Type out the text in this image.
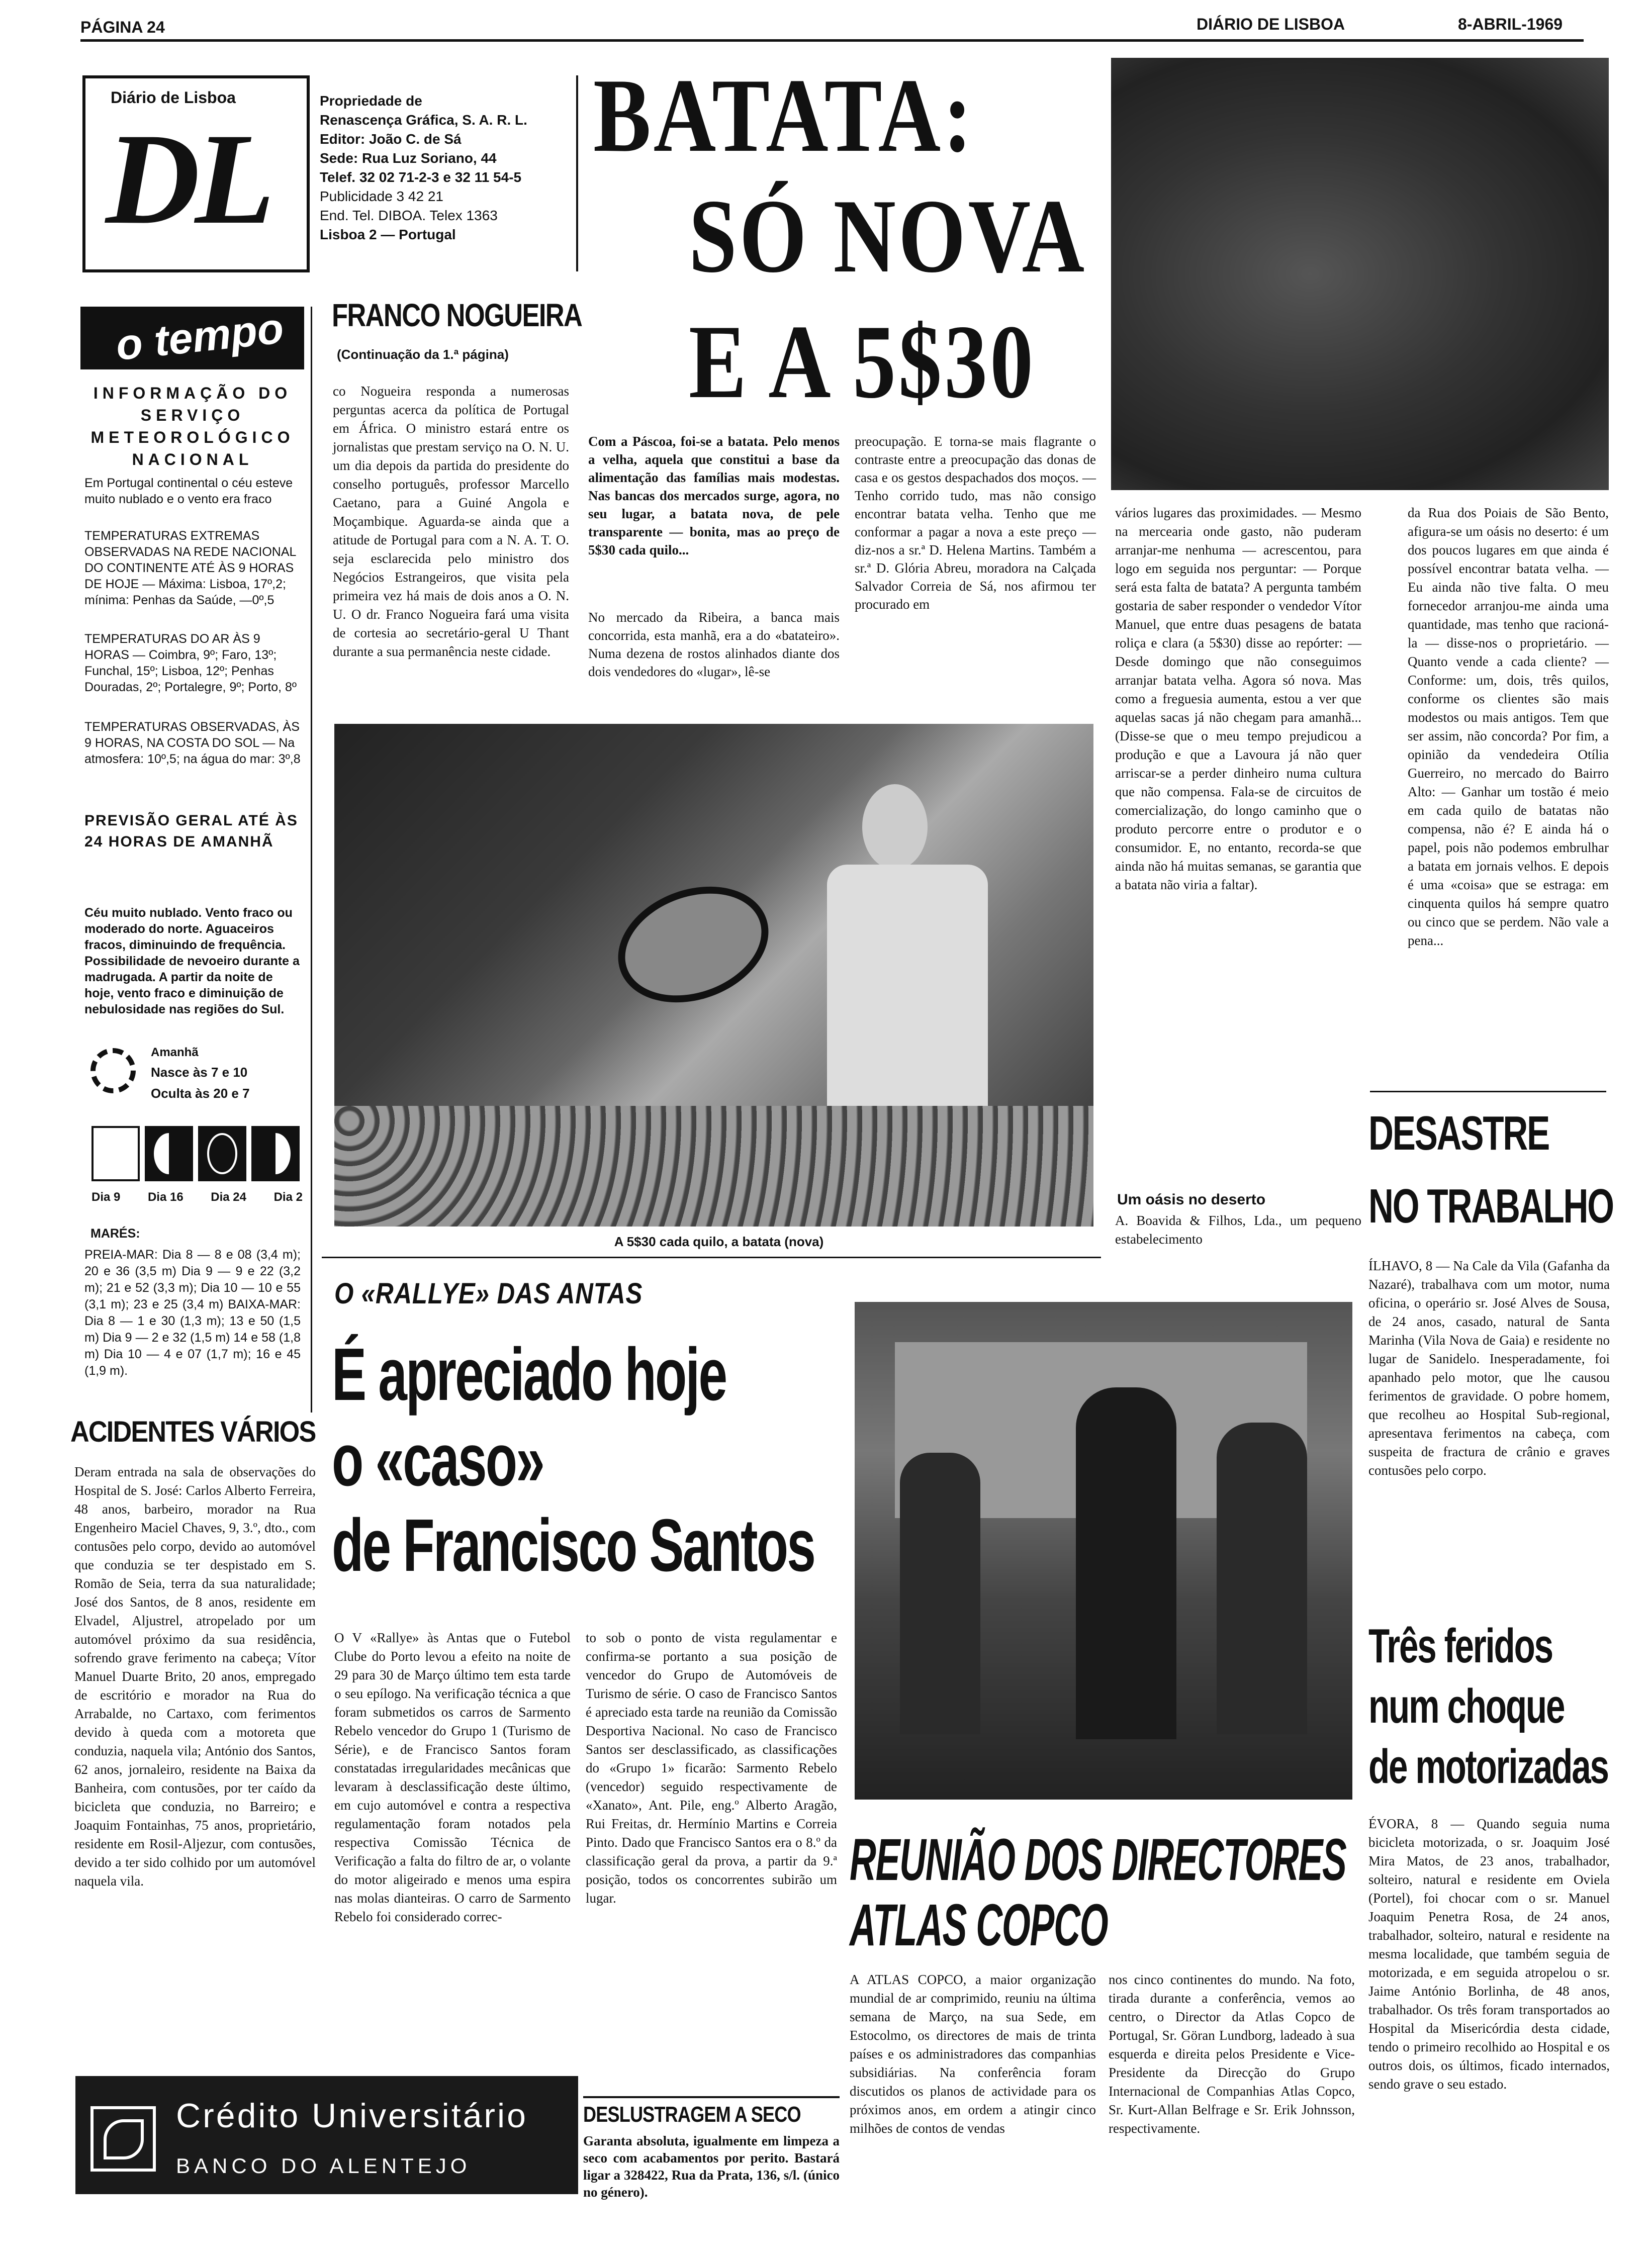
PÁGINA 24	DIÁRIO DE LISBOA	8-ABRIL-1969
Diário de Lisboa
DL
Propriedade de
Renascença Gráfica, S. A. R. L.
Editor: João C. de Sá
Sede: Rua Luz Soriano, 44
Telef. 32 02 71-2-3 e 32 11 54-5
Publicidade 3 42 21
End. Tel. DIBOA. Telex 1363
Lisboa 2 — Portugal
o tempo
INFORMAÇÃO DO SERVIÇO METEOROLÓGICO NACIONAL
Em Portugal continental o céu esteve muito nublado e o vento era fraco
TEMPERATURAS EXTREMAS OBSERVADAS NA REDE NACIONAL DO CONTINENTE ATÉ ÀS 9 HORAS DE HOJE — Máxima: Lisboa, 17º,2; mínima: Penhas da Saúde, —0º,5
TEMPERATURAS DO AR ÀS 9 HORAS — Coimbra, 9º; Faro, 13º; Funchal, 15º; Lisboa, 12º; Penhas Douradas, 2º; Portalegre, 9º; Porto, 8º
TEMPERATURAS OBSERVADAS, ÀS 9 HORAS, NA COSTA DO SOL — Na atmosfera: 10º,5; na água do mar: 3º,8
PREVISÃO GERAL ATÉ ÀS 24 HORAS DE AMANHÃ
Céu muito nublado. Vento fraco ou moderado do norte. Aguaceiros fracos, diminuindo de frequência. Possibilidade de nevoeiro durante a madrugada. A partir da noite de hoje, vento fraco e diminuição de nebulosidade nas regiões do Sul.
Amanhã
Nasce às 7 e 10
Oculta às 20 e 7
Dia 9 Dia 16 Dia 24 Dia 2
MARÉS:
PREIA-MAR: Dia 8 — 8 e 08 (3,4 m); 20 e 36 (3,5 m) Dia 9 — 9 e 22 (3,2 m); 21 e 52 (3,3 m); Dia 10 — 10 e 55 (3,1 m); 23 e 25 (3,4 m) BAIXA-MAR: Dia 8 — 1 e 30 (1,3 m); 13 e 50 (1,5 m) Dia 9 — 2 e 32 (1,5 m) 14 e 58 (1,8 m) Dia 10 — 4 e 07 (1,7 m); 16 e 45 (1,9 m).
ACIDENTES VÁRIOS
Deram entrada na sala de observações do Hospital de S. José: Carlos Alberto Ferreira, 48 anos, barbeiro, morador na Rua Engenheiro Maciel Chaves, 9, 3.º, dto., com contusões pelo corpo, devido ao automóvel que conduzia se ter despistado em S. Romão de Seia, terra da sua naturalidade; José dos Santos, de 8 anos, residente em Elvadel, Aljustrel, atropelado por um automóvel próximo da sua residência, sofrendo grave ferimento na cabeça; Vítor Manuel Duarte Brito, 20 anos, empregado de escritório e morador na Rua do Arrabalde, no Cartaxo, com ferimentos devido à queda com a motoreta que conduzia, naquela vila; António dos Santos, 62 anos, jornaleiro, residente na Baixa da Banheira, com contusões, por ter caído da bicicleta que conduzia, no Barreiro; e Joaquim Fontainhas, 75 anos, proprietário, residente em Rosil-Aljezur, com contusões, devido a ter sido colhido por um automóvel naquela vila.
Crédito Universitário
BANCO DO ALENTEJO
FRANCO NOGUEIRA
(Continuação da 1.ª página)
co Nogueira responda a numerosas perguntas acerca da política de Portugal em África. O ministro estará entre os jornalistas que prestam serviço na O. N. U. um dia depois da partida do presidente do conselho português, professor Marcello Caetano, para a Guiné Angola e Moçambique. Aguarda-se ainda que a atitude de Portugal para com a N. A. T. O. seja esclarecida pelo ministro dos Negócios Estrangeiros, que visita pela primeira vez há mais de dois anos a O. N. U. O dr. Franco Nogueira fará uma visita de cortesia ao secretário-geral U Thant durante a sua permanência neste cidade.
BATATA:
SÓ NOVA
E A 5$30
Com a Páscoa, foi-se a batata. Pelo menos a velha, aquela que constitui a base da alimentação das famílias mais modestas. Nas bancas dos mercados surge, agora, no seu lugar, a batata nova, de pele transparente — bonita, mas ao preço de 5$30 cada quilo...
No mercado da Ribeira, a banca mais concorrida, esta manhã, era a do «batateiro». Numa dezena de rostos alinhados diante dos dois vendedores do «lugar», lê-se
preocupação. E torna-se mais flagrante o contraste entre a preocupação das donas de casa e os gestos despachados dos moços. — Tenho corrido tudo, mas não consigo encontrar batata velha. Tenho que me conformar a pagar a nova a este preço — diz-nos a sr.ª D. Helena Martins. Também a sr.ª D. Glória Abreu, moradora na Calçada Salvador Correia de Sá, nos afirmou ter procurado em
vários lugares das proximidades. — Mesmo na mercearia onde gasto, não puderam arranjar-me nenhuma — acrescentou, para logo em seguida nos perguntar: — Porque será esta falta de batata? A pergunta também gostaria de saber responder o vendedor Vítor Manuel, que entre duas pesagens de batata roliça e clara (a 5$30) disse ao repórter: — Desde domingo que não conseguimos arranjar batata velha. Agora só nova. Mas como a freguesia aumenta, estou a ver que aquelas sacas já não chegam para amanhã... (Disse-se que o meu tempo prejudicou a produção e que a Lavoura já não quer arriscar-se a perder dinheiro numa cultura que não compensa. Fala-se de circuitos de comercialização, do longo caminho que o produto percorre entre o produtor e o consumidor. E, no entanto, recorda-se que ainda não há muitas semanas, se garantia que a batata não viria a faltar).
Um oásis no deserto
A. Boavida & Filhos, Lda., um pequeno estabelecimento
da Rua dos Poiais de São Bento, afigura-se um oásis no deserto: é um dos poucos lugares em que ainda é possível encontrar batata velha. — Eu ainda não tive falta. O meu fornecedor arranjou-me ainda uma quantidade, mas tenho que racioná-la — disse-nos o proprietário. — Quanto vende a cada cliente? — Conforme: um, dois, três quilos, conforme os clientes são mais modestos ou mais antigos. Tem que ser assim, não concorda? Por fim, a opinião da vendedeira Otília Guerreiro, no mercado do Bairro Alto: — Ganhar um tostão é meio em cada quilo de batatas não compensa, não é? E ainda há o papel, pois não podemos embrulhar a batata em jornais velhos. E depois é uma «coisa» que se estraga: em cinquenta quilos há sempre quatro ou cinco que se perdem. Não vale a pena...
A 5$30 cada quilo, a batata (nova)
DESASTRE
NO TRABALHO
ÍLHAVO, 8 — Na Cale da Vila (Gafanha da Nazaré), trabalhava com um motor, numa oficina, o operário sr. José Alves de Sousa, de 24 anos, casado, natural de Santa Marinha (Vila Nova de Gaia) e residente no lugar de Sanidelo. Inesperadamente, foi apanhado pelo motor, que lhe causou ferimentos de gravidade. O pobre homem, que recolheu ao Hospital Sub-regional, apresentava ferimentos na cabeça, com suspeita de fractura de crânio e graves contusões pelo corpo.
Três feridos
num choque
de motorizadas
ÉVORA, 8 — Quando seguia numa bicicleta motorizada, o sr. Joaquim José Mira Matos, de 23 anos, trabalhador, solteiro, natural e residente em Oviela (Portel), foi chocar com o sr. Manuel Joaquim Penetra Rosa, de 24 anos, trabalhador, solteiro, natural e residente na mesma localidade, que também seguia de motorizada, e em seguida atropelou o sr. Jaime António Borlinha, de 48 anos, trabalhador. Os três foram transportados ao Hospital da Misericórdia desta cidade, tendo o primeiro recolhido ao Hospital e os outros dois, os últimos, ficado internados, sendo grave o seu estado.
O «RALLYE» DAS ANTAS
É apreciado hoje
o «caso»
de Francisco Santos
O V «Rallye» às Antas que o Futebol Clube do Porto levou a efeito na noite de 29 para 30 de Março último tem esta tarde o seu epílogo. Na verificação técnica a que foram submetidos os carros de Sarmento Rebelo vencedor do Grupo 1 (Turismo de Série), e de Francisco Santos foram constatadas irregularidades mecânicas que levaram à desclassificação deste último, em cujo automóvel e contra a respectiva regulamentação foram notados pela respectiva Comissão Técnica de Verificação a falta do filtro de ar, o volante do motor aligeirado e menos uma espira nas molas dianteiras. O carro de Sarmento Rebelo foi considerado correc-
to sob o ponto de vista regulamentar e confirma-se portanto a sua posição de vencedor do Grupo de Automóveis de Turismo de série. O caso de Francisco Santos é apreciado esta tarde na reunião da Comissão Desportiva Nacional. No caso de Francisco Santos ser desclassificado, as classificações do «Grupo 1» ficarão: Sarmento Rebelo (vencedor) seguido respectivamente de «Xanato», Ant. Pile, eng.º Alberto Aragão, Rui Freitas, dr. Hermínio Martins e Correia Pinto. Dado que Francisco Santos era o 8.º da classificação geral da prova, a partir da 9.ª posição, todos os concorrentes subirão um lugar.
REUNIÃO DOS DIRECTORES
ATLAS COPCO
A ATLAS COPCO, a maior organização mundial de ar comprimido, reuniu na última semana de Março, na sua Sede, em Estocolmo, os directores de mais de trinta países e os administradores das companhias subsidiárias. Na conferência foram discutidos os planos de actividade para os próximos anos, em ordem a atingir cinco milhões de contos de vendas
nos cinco continentes do mundo. Na foto, tirada durante a conferência, vemos ao centro, o Director da Atlas Copco de Portugal, Sr. Göran Lundborg, ladeado à sua esquerda e direita pelos Presidente e Vice-Presidente da Direcção do Grupo Internacional de Companhias Atlas Copco, Sr. Kurt-Allan Belfrage e Sr. Erik Johnsson, respectivamente.
DESLUSTRAGEM A SECO
Garanta absoluta, igualmente em limpeza a seco com acabamentos por perito. Bastará ligar a 328422, Rua da Prata, 136, s/l. (único no género).
